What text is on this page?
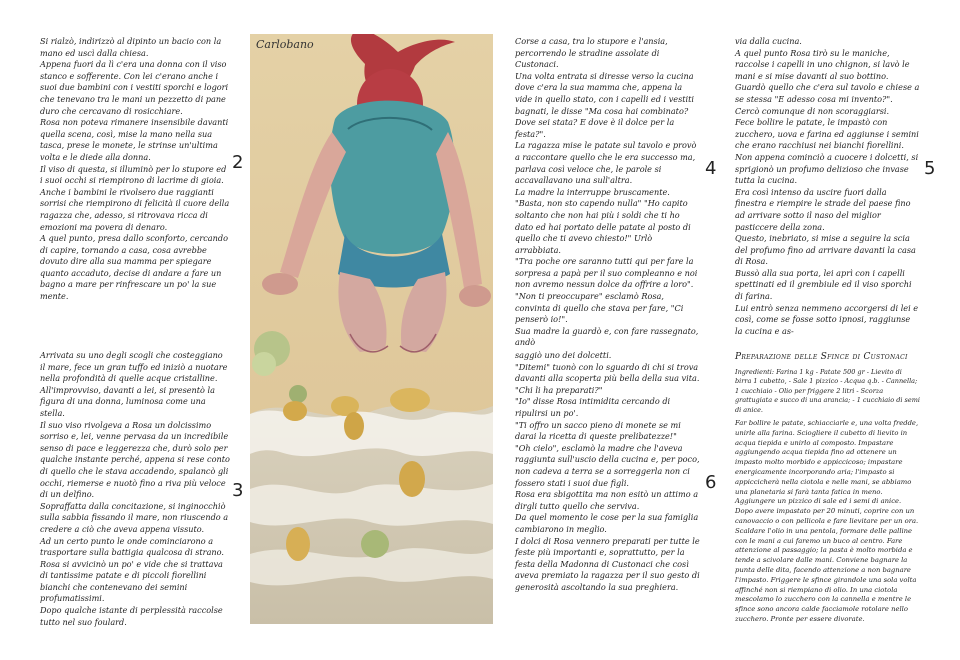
Si rialzò, indirizzò al dipinto un bacio con la mano ed uscì dalla chiesa.

Appena fuori da lì c'era una donna con il viso stanco e sofferente. Con lei c'erano anche i suoi due bambini con i vestiti sporchi e logori che tenevano tra le mani un pezzetto di pane duro che cercavano di rosicchiare.

Rosa non poteva rimanere insensibile davanti quella scena, così, mise la mano nella sua tasca, prese le monete, le strinse un'ultima volta e le diede alla donna.

Il viso di questa, si illuminò per lo stupore ed i suoi occhi si riempirono di lacrime di gioia. Anche i bambini le rivolsero due raggianti sorrisi che riempirono di felicità il cuore della ragazza che, adesso, si ritrovava ricca di emozioni ma povera di denaro.

A quel punto, presa dallo sconforto, cercando di capire, tornando a casa, cosa avrebbe dovuto dire alla sua mamma per spiegare quanto accaduto, decise di andare a fare un bagno a mare per rinfrescare un po' la sue mente.

2

Arrivata su uno degli scogli che costeggiano il mare, fece un gran tuffo ed iniziò a nuotare nella profondità di quelle acque cristalline.

All'improvviso, davanti a lei, si presentò la figura di una donna, luminosa come una stella.

Il suo viso rivolgeva a Rosa un dolcissimo sorriso e, lei, venne pervasa da un incredibile senso di pace e leggerezza che, durò solo per qualche instante perché, appena si rese conto di quello che le stava accadendo, spalancò gli occhi, riemerse e nuotò fino a riva più veloce di un delfino.

Sopraffatta dalla concitazione, si inginocchiò sulla sabbia fissando il mare, non riuscendo a credere a ciò che aveva appena vissuto.

Ad un certo punto le onde cominciarono a trasportare sulla battigia qualcosa di strano.

Rosa si avvicinò un po' e vide che si trattava di tantissime patate e di piccoli fiorellini bianchi che contenevano dei semini profumatissimi.

Dopo qualche istante di perplessità raccolse tutto nel suo foulard.

3
Carlobano	Corse a casa, tra lo stupore e l'ansia, percorrendo le stradine assolate di Custonaci.

Una volta entrata si diresse verso la cucina dove c'era la sua mamma che, appena la vide in quello stato, con i capelli ed i vestiti bagnati, le disse "Ma cosa hai combinato? Dove sei stata? E dove è il dolce per la festa?".

La ragazza mise le patate sul tavolo e provò a raccontare quello che le era successo ma, parlava così veloce che, le parole si accavallavano una sull'altra.

La madre la interruppe bruscamente.

"Basta, non sto capendo nulla" "Ho capito soltanto che non hai più i soldi che ti ho dato ed hai portato delle patate al posto di quello che ti avevo chiesto!" Urlò arrabbiata.

"Tra poche ore saranno tutti qui per fare la sorpresa a papà per il suo compleanno e noi non avremo nessun dolce da offrire a loro".

"Non ti preoccupare" esclamò Rosa, convinta di quello che stava per fare, "Ci penserò io!".

Sua madre la guardò e, con fare rassegnato, andò

4

via dalla cucina.

A quel punto Rosa tirò su le maniche, raccolse i capelli in uno chignon, si lavò le mani e si mise davanti al suo bottino.

Guardò quello che c'era sul tavolo e chiese a se stessa "E adesso cosa mi invento?".

Cercò comunque di non scoraggiarsi.

Fece bollire le patate, le impastò con zucchero, uova e farina ed aggiunse i semini che erano racchiusi nei bianchi fiorellini.

Non appena cominciò a cuocere i dolcetti, si sprigionò un profumo delizioso che invase tutta la cucina.

Era così intenso da uscire fuori dalla finestra e riempire le strade del paese fino ad arrivare sotto il naso del miglior pasticcere della zona.

Questo, inebriato, si mise a seguire la scia del profumo fino ad arrivare davanti la casa di Rosa.

Bussò alla sua porta, lei aprì con i capelli spettinati ed il grembiule ed il viso sporchi di farina.

Lui entrò senza nemmeno accorgersi di lei e così, come se fosse sotto ipnosi, raggiunse la cucina e as-

5

saggiò uno dei dolcetti.

"Ditemi" tuonò con lo sguardo di chi si trova davanti alla scoperta più bella della sua vita.

"Chi li ha preparati?"

"Io" disse Rosa intimidita cercando di ripulirsi un po'.

"Ti offro un sacco pieno di monete se mi darai la ricetta di queste prelibatezze!"

"Oh cielo", esclamò la madre che l'aveva raggiunta sull'uscio della cucina e, per poco, non cadeva a terra se a sorreggerla non ci fossero stati i suoi due figli.

Rosa era sbigottita ma non esitò un attimo a dirgli tutto quello che serviva.

Da quel momento le cose per la sua famiglia cambiarono in meglio.

I dolci di Rosa vennero preparati per tutte le feste più importanti e, soprattutto, per la festa della Madonna di Custonaci che così aveva premiato la ragazza per il suo gesto di generosità ascoltando la sua preghiera.

6
Preparazione delle Sfince di Custonaci
Ingredienti: Farina 1 kg - Patate 500 gr - Lievito di birra 1 cubetto, - Sale 1 pizzico - Acqua q.b. - Cannella; 1 cucchiaio - Olio per friggere 2 litri - Scorza grattugiata e succo di una arancia; - 1 cucchiaio di semi di anice.
Far bollire le patate, schiacciarle e, una volta fredde, unirle alla farina. Sciogliere il cubetto di lievito in acqua tiepida e unirlo al composto. Impastare aggiungendo acqua tiepida fino ad ottenere un impasto molto morbido e appiccicoso; impastare energicamente incorporando aria; l'impasto si appiccicherà nella ciotola e nelle mani, se abbiamo una planetaria si farà tanta fatica in meno. Aggiungere un pizzico di sale ed i semi di anice. Dopo avere impastato per 20 minuti, coprire con un canovaccio o con pellicola e fare lievitare per un ora. Scaldare l'olio in una pentola, formare delle palline con le mani a cui faremo un buco al centro. Fare attenzione al passaggio; la pasta è molto morbida e tende a scivolare dalle mani. Conviene bagnare la punta delle dita, facendo attenzione a non bagnare l'impasto. Friggere le sfince girandole una sola volta affinché non si riempiano di olio. In una ciotola mescolamo lo zucchero con la cannella e mentre le sfince sono ancora calde facciamole rotolare nello zucchero. Pronte per essere divorate.
